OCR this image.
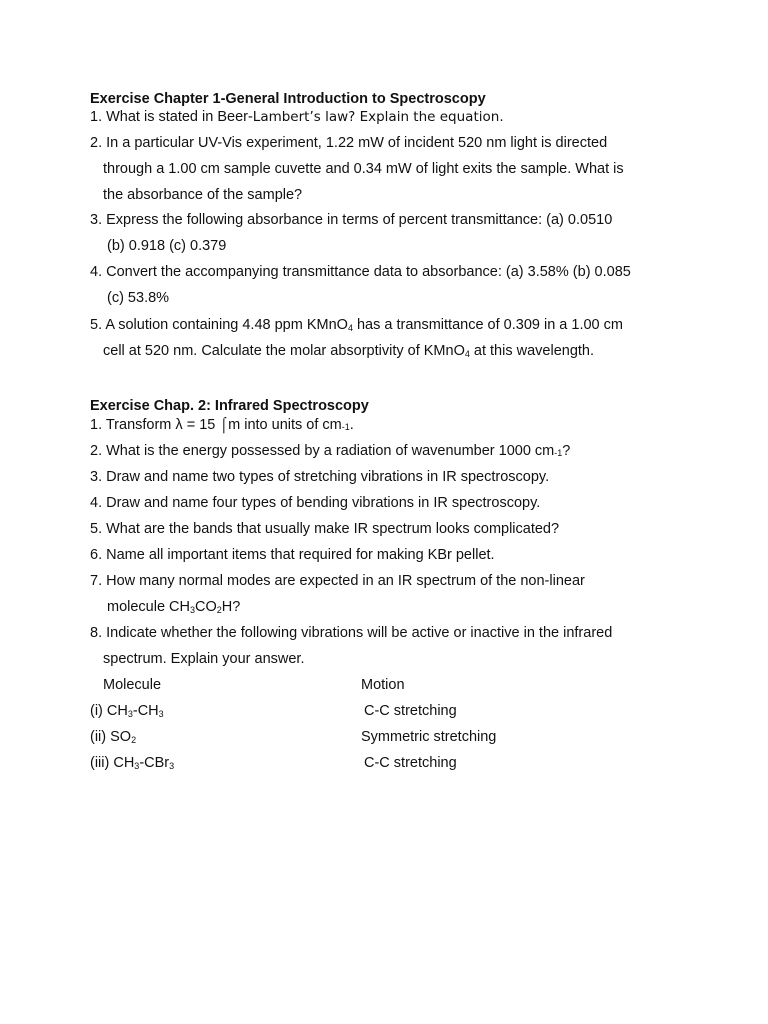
Exercise Chapter 1-General Introduction to Spectroscopy
1. What is stated in Beer-Lambert’s law? Explain the equation.
2. In a particular UV-Vis experiment, 1.22 mW of incident 520 nm light is directed
through a 1.00 cm sample cuvette and 0.34 mW of light exits the sample. What is
the absorbance of the sample?
3. Express the following absorbance in terms of percent transmittance: (a) 0.0510
(b) 0.918 (c) 0.379
4. Convert the accompanying transmittance data to absorbance: (a) 3.58% (b) 0.085
(c) 53.8%
5. A solution containing 4.48 ppm KMnO$_4$ has a transmittance of 0.309 in a 1.00 cm
cell at 520 nm. Calculate the molar absorptivity of KMnO$_4$ at this wavelength.
Exercise Chap. 2: Infrared Spectroscopy
1. Transform λ = 15 ⌠m into units of cm-1.
2. What is the energy possessed by a radiation of wavenumber 1000 cm-1?
3. Draw and name two types of stretching vibrations in IR spectroscopy.
4. Draw and name four types of bending vibrations in IR spectroscopy.
5. What are the bands that usually make IR spectrum looks complicated?
6. Name all important items that required for making KBr pellet.
7. How many normal modes are expected in an IR spectrum of the non-linear
molecule $CH_3CO_2H$?
8. Indicate whether the following vibrations will be active or inactive in the infrared
spectrum. Explain your answer.
Molecule	Motion
(i) $CH_3-CH_3$	C-C stretching
(ii) $SO_2$	Symmetric stretching
(iii) $CH_3-CBr_3$	C-C stretching
